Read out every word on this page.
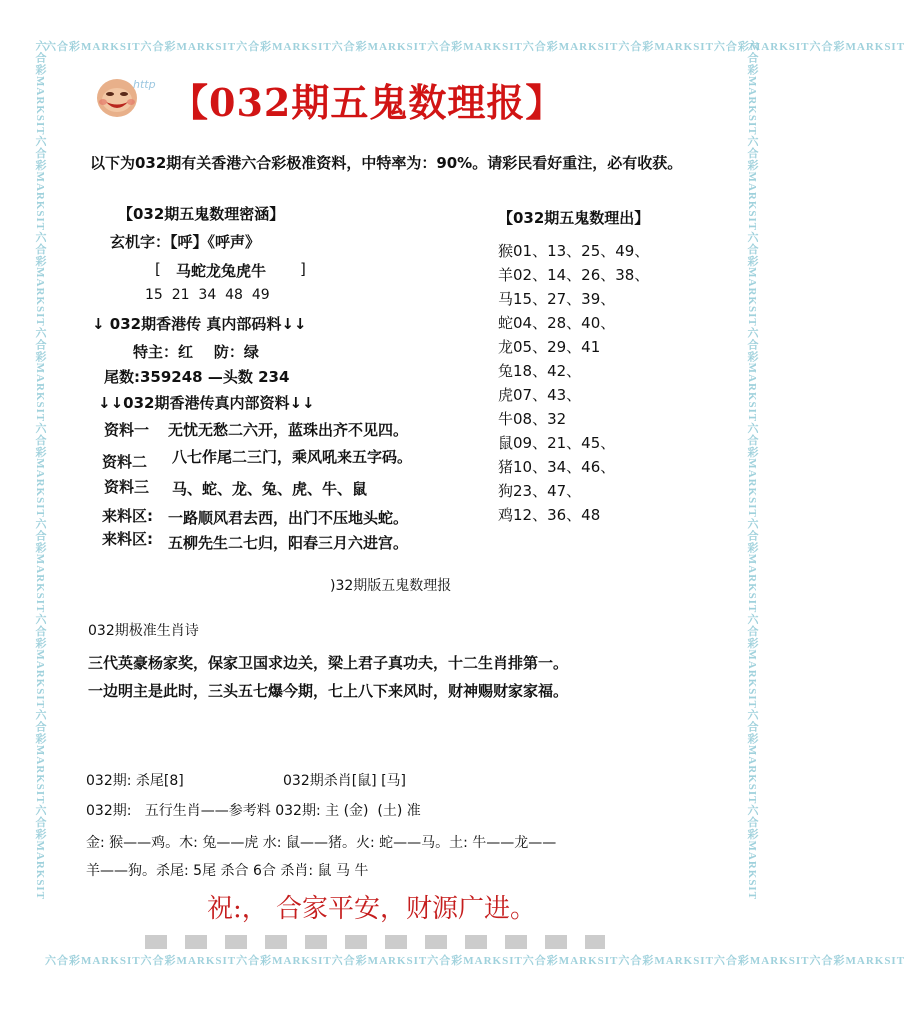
六合彩MARKSIT六合彩MARKSIT六合彩MARKSIT六合彩MARKSIT六合彩MARKSIT六合彩MARKSIT六合彩MARKSIT六合彩MARKSIT六合彩MARKSIT
六合彩MARKSIT六合彩MARKSIT六合彩MARKSIT六合彩MARKSIT六合彩MARKSIT六合彩MARKSIT六合彩MARKSIT六合彩MARKSIT六合彩MARKSIT
六合彩MARKSIT六合彩MARKSIT六合彩MARKSIT六合彩MARKSIT六合彩MARKSIT六合彩MARKSIT六合彩MARKSIT六合彩MARKSIT六合彩MARKSIT	六合彩MARKSIT六合彩MARKSIT六合彩MARKSIT六合彩MARKSIT六合彩MARKSIT六合彩MARKSIT六合彩MARKSIT六合彩MARKSIT六合彩MARKSIT
http 【032期五鬼数理报】
以下为032期有关香港六合彩极准资料，中特率为：90%。请彩民看好重注，必有收获。
【032期五鬼数理密涵】
玄机字：【呼】《呼声》
[ 马蛇龙兔虎牛 ]
15  21  34  48  49
↓ 032期香港传 真内部码料↓↓
特主：红    防：绿
尾数:359248 —头数 234
↓↓032期香港传真内部资料↓↓
资料一 无忧无愁二六开，蓝珠出齐不见四。
资料二 八七作尾二三门，乘风吼来五字码。
资料三 马、蛇、龙、兔、虎、牛、鼠
来料区: 一路顺风君去西，出门不压地头蛇。
来料区: 五柳先生二七归，阳春三月六进宫。
【032期五鬼数理出】
猴01、13、25、49、
羊02、14、26、38、
马15、27、39、
蛇04、28、40、
龙05、29、41
兔18、42、
虎07、43、
牛08、32
鼠09、21、45、
猪10、34、46、
狗23、47、
鸡12、36、48
)32期版五鬼数理报
032期极准生肖诗
三代英豪杨家奖，保家卫国求边关，梁上君子真功夫，十二生肖排第一。
一边明主是此时，三头五七爆今期，七上八下来风时，财神赐财家家福。
032期: 杀尾[8]	032期杀肖[鼠] [马]
032期:   五行生肖——参考料 032期: 主 (金)  (土) 准
金: 猴——鸡。木: 兔——虎 水: 鼠——猪。火: 蛇——马。土: 牛——龙——
羊——狗。杀尾: 5尾 杀合 6合 杀肖: 鼠 马 牛
祝:， 合家平安，财源广进。
